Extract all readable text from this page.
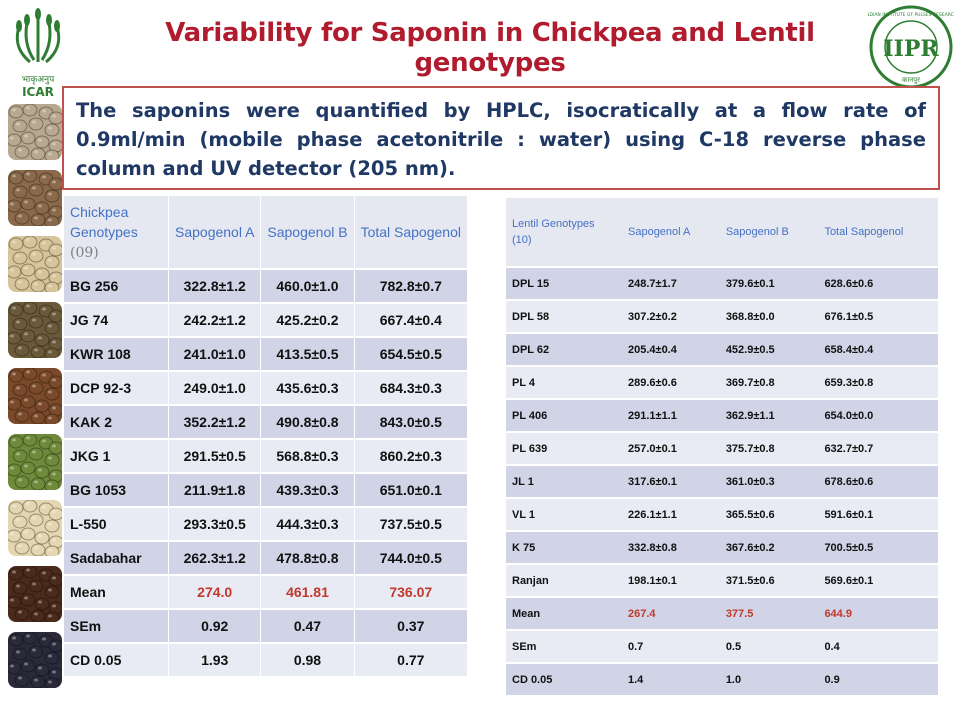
Variability for Saponin in Chickpea and Lentil genotypes
भाकृअनुप
ICAR
IIPR
कानपुर
INDIAN INSTITUTE OF PULSES RESEARCH

The saponins were quantified by HPLC, isocratically at a flow rate of 0.9ml/min (mobile phase acetonitrile : water) using C-18 reverse phase column and UV detector (205 nm).

Chickpea Genotypes
(09)	Sapogenol A	Sapogenol B	Total Sapogenol
BG 256	322.8±1.2	460.0±1.0	782.8±0.7
JG 74	242.2±1.2	425.2±0.2	667.4±0.4
KWR 108	241.0±1.0	413.5±0.5	654.5±0.5
DCP 92-3	249.0±1.0	435.6±0.3	684.3±0.3
KAK 2	352.2±1.2	490.8±0.8	843.0±0.5
JKG 1	291.5±0.5	568.8±0.3	860.2±0.3
BG 1053	211.9±1.8	439.3±0.3	651.0±0.1
L-550	293.3±0.5	444.3±0.3	737.5±0.5
Sadabahar	262.3±1.2	478.8±0.8	744.0±0.5
Mean	274.0	461.81	736.07
SEm	0.92	0.47	0.37
CD 0.05	1.93	0.98	0.77
Lentil Genotypes (10)	Sapogenol A	Sapogenol B	Total Sapogenol
DPL 15	248.7±1.7	379.6±0.1	628.6±0.6
DPL 58	307.2±0.2	368.8±0.0	676.1±0.5
DPL 62	205.4±0.4	452.9±0.5	658.4±0.4
PL 4	289.6±0.6	369.7±0.8	659.3±0.8
PL 406	291.1±1.1	362.9±1.1	654.0±0.0
PL 639	257.0±0.1	375.7±0.8	632.7±0.7
JL 1	317.6±0.1	361.0±0.3	678.6±0.6
VL 1	226.1±1.1	365.5±0.6	591.6±0.1
K 75	332.8±0.8	367.6±0.2	700.5±0.5
Ranjan	198.1±0.1	371.5±0.6	569.6±0.1
Mean	267.4	377.5	644.9
SEm	0.7	0.5	0.4
CD 0.05	1.4	1.0	0.9
